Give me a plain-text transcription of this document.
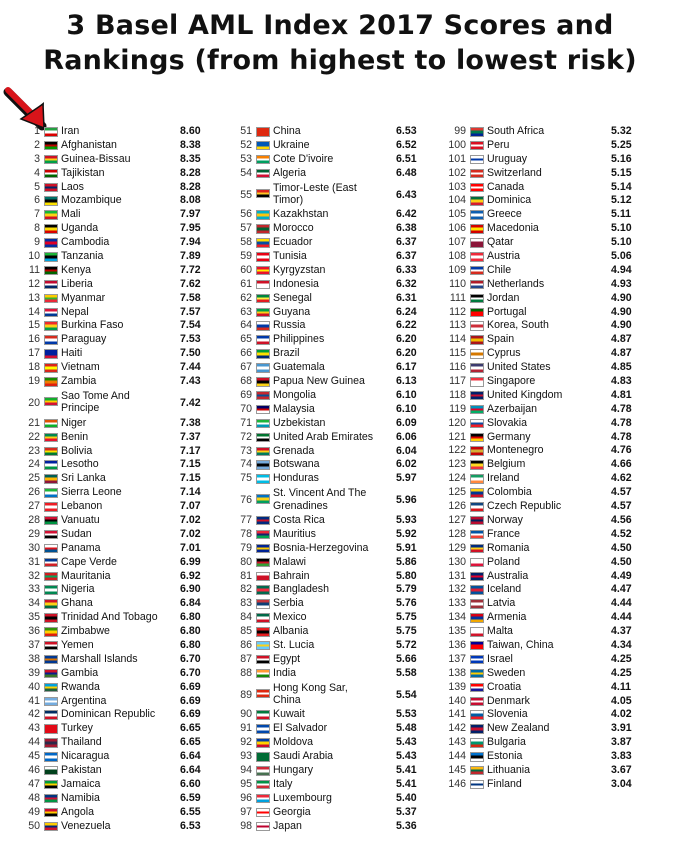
3 Basel AML Index 2017 Scores and Rankings (from highest to lowest risk)
1 Iran	8.60
2 Afghanistan	8.38
3 Guinea-Bissau	8.35
4 Tajikistan	8.28
5 Laos	8.28
6 Mozambique	8.08
7 Mali	7.97
8 Uganda	7.95
9 Cambodia	7.94
10 Tanzania	7.89
11 Kenya	7.72
12 Liberia	7.62
13 Myanmar	7.58
14 Nepal	7.57
15 Burkina Faso	7.54
16 Paraguay	7.53
17 Haiti	7.50
18 Vietnam	7.44
19 Zambia	7.43
20
Sao Tome And Principe	7.42
21 Niger	7.38
22 Benin	7.37
23 Bolivia	7.17
24 Lesotho	7.15
25 Sri Lanka	7.15
26 Sierra Leone	7.14
27 Lebanon	7.07
28 Vanuatu	7.02
29 Sudan	7.02
30 Panama	7.01
31 Cape Verde	6.99
32 Mauritania	6.92
33 Nigeria	6.90
34 Ghana	6.84
35 Trinidad And Tobago 6.80
36 Zimbabwe	6.80
37 Yemen	6.80
38 Marshall Islands	6.70
39 Gambia	6.70
40 Rwanda	6.69
41 Argentina	6.69
42 Dominican Republic 6.69
43 Turkey	6.65
44 Thailand	6.65
45 Nicaragua	6.64
46 Pakistan	6.64
47 Jamaica	6.60
48 Namibia	6.59
49 Angola	6.55
50 Venezuela	6.53
51 China	6.53
52 Ukraine	6.52
53 Cote D'ivoire	6.51
54 Algeria	6.48
55
Timor-Leste (East Timor)	6.43
56 Kazakhstan	6.42
57 Morocco	6.38
58 Ecuador	6.37
59 Tunisia	6.37
60 Kyrgyzstan	6.33
61 Indonesia	6.32
62 Senegal	6.31
63 Guyana	6.24
64 Russia	6.22
65 Philippines	6.20
66 Brazil	6.20
67 Guatemala	6.17
68 Papua New Guinea	6.13
69 Mongolia	6.10
70 Malaysia	6.10
71 Uzbekistan	6.09
72 United Arab Emirates 6.06
73 Grenada	6.04
74 Botswana	6.02
75 Honduras	5.97
76
St. Vincent And The Grenadines	5.96
77 Costa Rica	5.93
78 Mauritius	5.92
79 Bosnia-Herzegovina	5.91
80 Malawi	5.86
81 Bahrain	5.80
82 Bangladesh	5.79
83 Serbia	5.76
84 Mexico	5.75
85 Albania	5.75
86 St. Lucia	5.72
87 Egypt	5.66
88 India	5.58
89
Hong Kong Sar, China	5.54
90 Kuwait	5.53
91 El Salvador	5.48
92 Moldova	5.43
93 Saudi Arabia	5.43
94 Hungary	5.41
95 Italy	5.41
96 Luxembourg	5.40
97 Georgia	5.37
98 Japan	5.36
99 South Africa	5.32
100 Peru	5.25
101 Uruguay	5.16
102 Switzerland	5.15
103 Canada	5.14
104 Dominica	5.12
105 Greece	5.11
106 Macedonia	5.10
107 Qatar	5.10
108 Austria	5.06
109 Chile	4.94
110 Netherlands	4.93
111 Jordan	4.90
112 Portugal	4.90
113 Korea, South	4.90
114 Spain	4.87
115 Cyprus	4.87
116 United States	4.85
117 Singapore	4.83
118 United Kingdom	4.81
119 Azerbaijan	4.78
120 Slovakia	4.78
121 Germany	4.78
122 Montenegro	4.76
123 Belgium	4.66
124 Ireland	4.62
125 Colombia	4.57
126 Czech Republic	4.57
127 Norway	4.56
128 France	4.52
129 Romania	4.50
130 Poland	4.50
131 Australia	4.49
132 Iceland	4.47
133 Latvia	4.44
134 Armenia	4.44
135 Malta	4.37
136 Taiwan, China	4.34
137 Israel	4.25
138 Sweden	4.25
139 Croatia	4.11
140 Denmark	4.05
141 Slovenia	4.02
142 New Zealand	3.91
143 Bulgaria	3.87
144 Estonia	3.83
145 Lithuania	3.67
146 Finland	3.04
